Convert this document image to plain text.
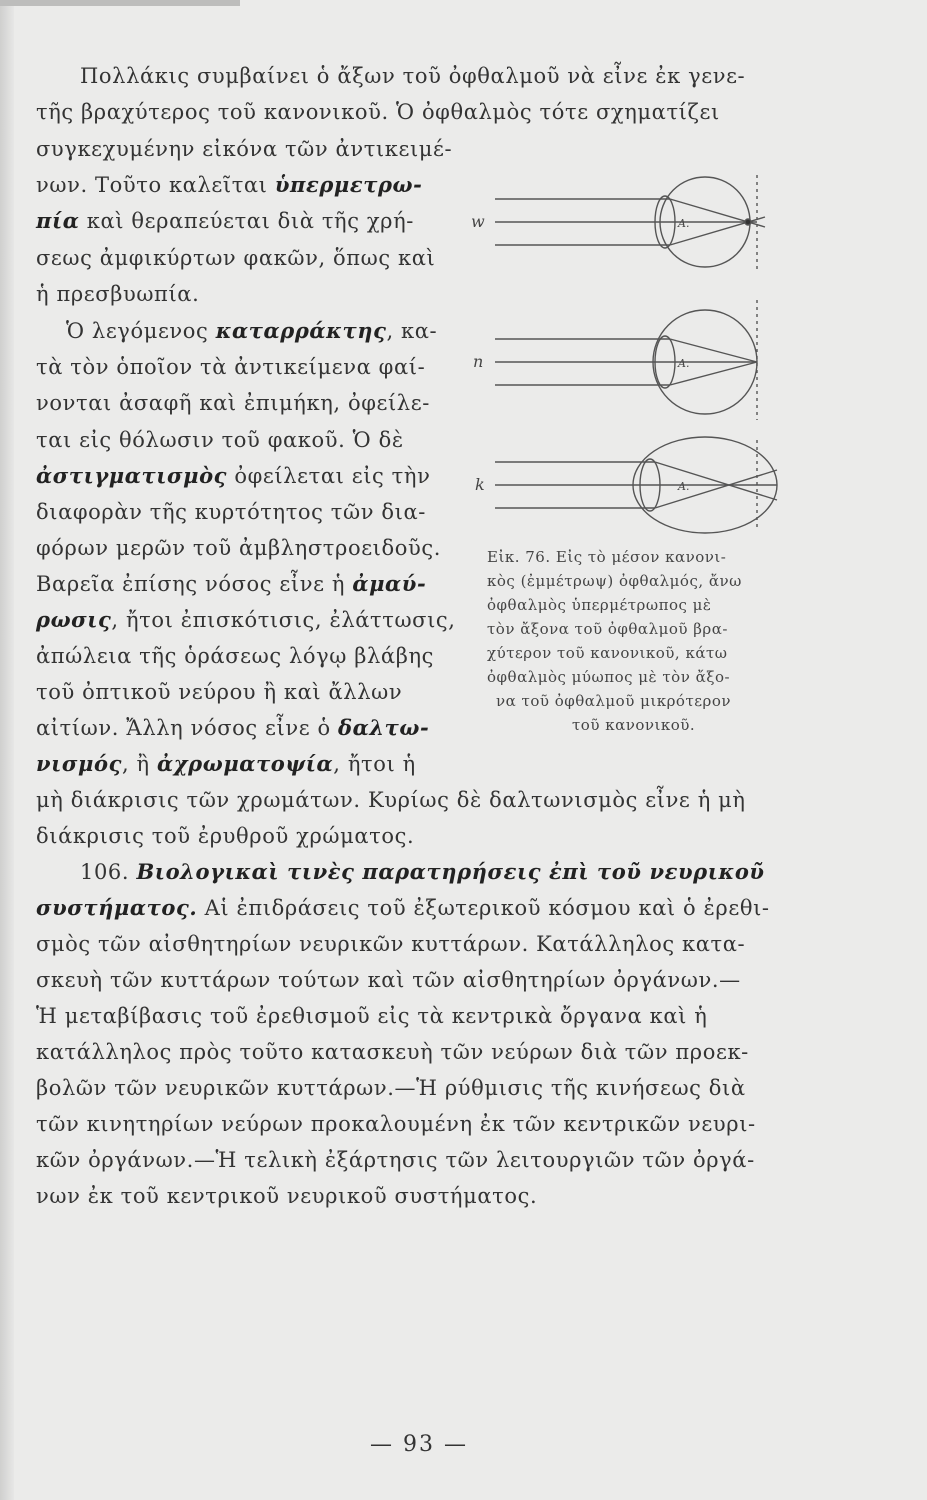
Πολλάκις συμβαίνει ὁ ἄξων τοῦ ὀφθαλμοῦ νὰ εἶνε ἐκ γενε-
τῆς βραχύτερος τοῦ κανονικοῦ. Ὁ ὀφθαλμὸς τότε σχηματίζει
συγκεχυμένην εἰκόνα τῶν ἀντικειμέ-
νων. Τοῦτο καλεῖται ὑπερμετρω-
πία καὶ θεραπεύεται διὰ τῆς χρή-
σεως ἀμφικύρτων φακῶν, ὅπως καὶ
ἡ πρεσβυωπία.
Ὁ λεγόμενος καταρράκτης, κα-
τὰ τὸν ὁποῖον τὰ ἀντικείμενα φαί-
νονται ἀσαφῆ καὶ ἐπιμήκη, ὀφείλε-
ται εἰς θόλωσιν τοῦ φακοῦ. Ὁ δὲ
ἀστιγματισμὸς ὀφείλεται εἰς τὴν
διαφορὰν τῆς κυρτότητος τῶν δια-
φόρων μερῶν τοῦ ἀμβληστροειδοῦς.
Βαρεῖα ἐπίσης νόσος εἶνε ἡ ἀμαύ-
ρωσις, ἤτοι ἐπισκότισις, ἐλάττωσις,
ἀπώλεια τῆς ὁράσεως λόγῳ βλάβης
τοῦ ὀπτικοῦ νεύρου ἢ καὶ ἄλλων
αἰτίων. Ἄλλη νόσος εἶνε ὁ δαλτω-
νισμός, ἢ ἀχρωματοψία, ἤτοι ἡ
μὴ διάκρισις τῶν χρωμάτων. Κυρίως δὲ δαλτωνισμὸς εἶνε ἡ μὴ
διάκρισις τοῦ ἐρυθροῦ χρώματος.
106. Βιολογικαὶ τινὲς παρατηρήσεις ἐπὶ τοῦ νευρικοῦ
συστήματος. Αἱ ἐπιδράσεις τοῦ ἐξωτερικοῦ κόσμου καὶ ὁ ἐρεθι-
σμὸς τῶν αἰσθητηρίων νευρικῶν κυττάρων. Κατάλληλος κατα-
σκευὴ τῶν κυττάρων τούτων καὶ τῶν αἰσθητηρίων ὀργάνων.—
Ἡ μεταβίβασις τοῦ ἐρεθισμοῦ εἰς τὰ κεντρικὰ ὄργανα καὶ ἡ
κατάλληλος πρὸς τοῦτο κατασκευὴ τῶν νεύρων διὰ τῶν προεκ-
βολῶν τῶν νευρικῶν κυττάρων.—Ἡ ρύθμισις τῆς κινήσεως διὰ
τῶν κινητηρίων νεύρων προκαλουμένη ἐκ τῶν κεντρικῶν νευρι-
κῶν ὀργάνων.—Ἡ τελικὴ ἐξάρτησις τῶν λειτουργιῶν τῶν ὀργά-
νων ἐκ τοῦ κεντρικοῦ νευρικοῦ συστήματος.
w
n
k
A.
A.
A.
Εἰκ. 76. Εἰς τὸ μέσον κανονι-
κὸς (ἐμμέτρωψ) ὀφθαλμός, ἄνω
ὀφθαλμὸς ὑπερμέτρωπος μὲ
τὸν ἄξονα τοῦ ὀφθαλμοῦ βρα-
χύτερον τοῦ κανονικοῦ, κάτω
ὀφθαλμὸς μύωπος μὲ τὸν ἄξο-
να τοῦ ὀφθαλμοῦ μικρότερον
τοῦ κανονικοῦ.
— 93 —
